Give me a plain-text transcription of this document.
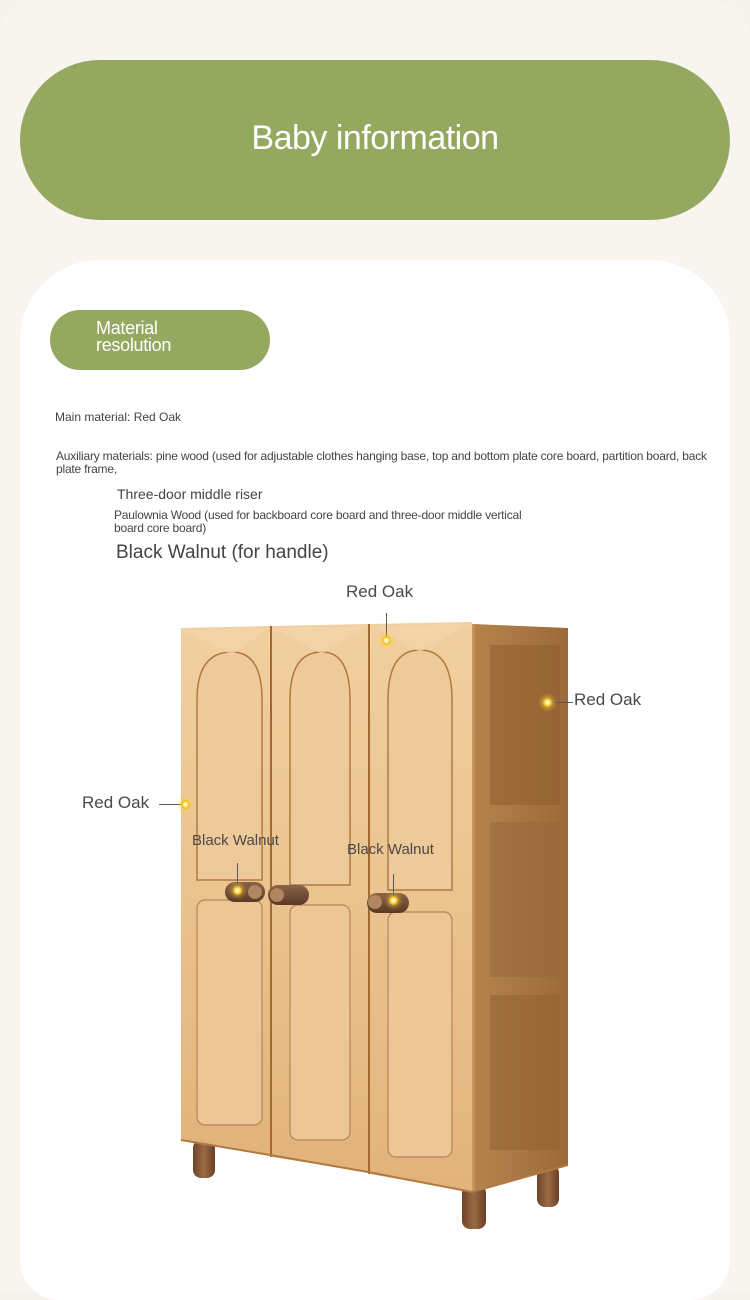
Baby information
Material
resolution
Main material: Red Oak
Auxiliary materials: pine wood (used for adjustable clothes hanging base, top and bottom plate core board, partition board, back plate frame,
Three-door middle riser
Paulownia Wood (used for backboard core board and three-door middle vertical board core board)
Black Walnut (for handle)
Red Oak
Red Oak
Red Oak
Black Walnut
Black Walnut
